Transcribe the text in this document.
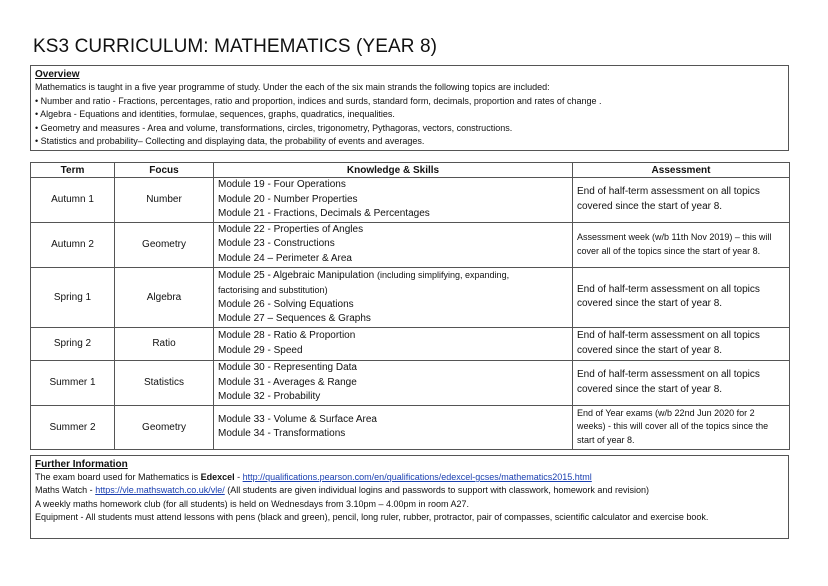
KS3 CURRICULUM: MATHEMATICS (YEAR 8)
Overview
Mathematics is taught in a five year programme of study. Under the each of the six main strands the following topics are included:
• Number and ratio - Fractions, percentages, ratio and proportion, indices and surds, standard form, decimals, proportion and rates of change .
• Algebra - Equations and identities, formulae, sequences, graphs, quadratics, inequalities.
• Geometry and measures - Area and volume, transformations, circles, trigonometry, Pythagoras, vectors, constructions.
• Statistics and probability– Collecting and displaying data, the probability of events and averages.
Term	Focus	Knowledge & Skills	Assessment
Autumn 1	Number	Module 19 - Four Operations
Module 20 - Number Properties
Module 21 - Fractions, Decimals & Percentages	End of half-term assessment on all topics covered since the start of year 8.
Autumn 2	Geometry	Module 22 - Properties of Angles
Module 23 - Constructions
Module 24 – Perimeter & Area	Assessment week (w/b 11th Nov 2019) – this will cover all of the topics since the start of year 8.
Spring 1	Algebra	Module 25 - Algebraic Manipulation (including simplifying, expanding,
factorising and substitution)
Module 26 - Solving Equations
Module 27 – Sequences & Graphs	End of half-term assessment on all topics covered since the start of year 8.
Spring 2	Ratio	Module 28 - Ratio & Proportion
Module 29 - Speed	End of half-term assessment on all topics covered since the start of year 8.
Summer 1	Statistics	Module 30 - Representing Data
Module 31 - Averages & Range
Module 32 - Probability	End of half-term assessment on all topics covered since the start of year 8.
Summer 2	Geometry	Module 33 - Volume & Surface Area
Module 34 - Transformations	End of Year exams (w/b 22nd Jun 2020 for 2 weeks) - this will cover all of the topics since the start of year 8.
Further Information
The exam board used for Mathematics is Edexcel - http://qualifications.pearson.com/en/qualifications/edexcel-gcses/mathematics2015.html
Maths Watch - https://vle.mathswatch.co.uk/vle/ (All students are given individual logins and passwords to support with classwork, homework and revision)
A weekly maths homework club (for all students) is held on Wednesdays from 3.10pm – 4.00pm in room A27.
Equipment - All students must attend lessons with pens (black and green), pencil, long ruler, rubber, protractor, pair of compasses, scientific calculator and exercise book.
